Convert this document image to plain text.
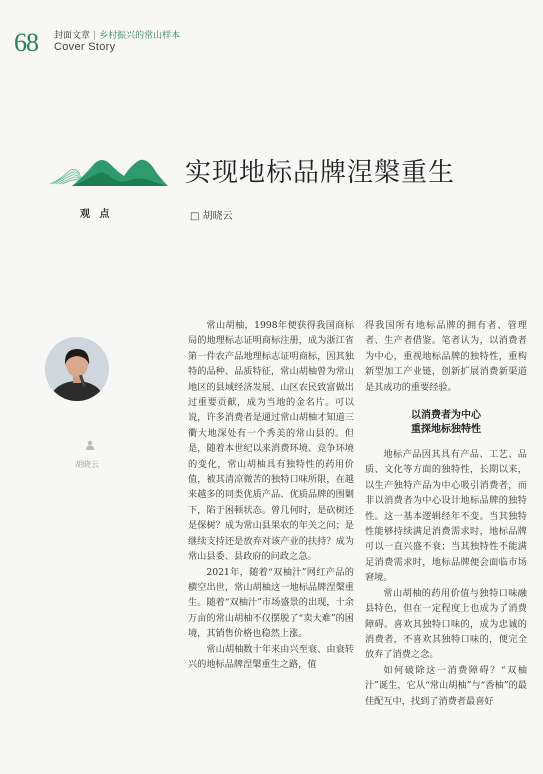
68 封面文章 | 乡村振兴的常山样本
Cover Story
观 点
实现地标品牌涅槃重生
□ 胡晓云
胡晓云

常山胡柚，1998年便获得我国商标局的地理标志证明商标注册，成为浙江省第一件农产品地理标志证明商标，因其独特的品种、品质特征，常山胡柚曾为常山地区的县域经济发展、山区农民致富做出过重要贡献，成为当地的金名片。可以说，许多消费者是通过常山胡柚才知道三衢大地深处有一个秀美的常山县的。但是，随着本世纪以来消费环境、竞争环境的变化，常山胡柚具有独特性的药用价值，被其清凉微苦的独特口味所限，在越来越多的同类优质产品、优质品牌的围剿下，陷于困顿状态。曾几何时，是砍树还是保树？成为常山县果农的年关之问；是继续支持还是放弃对该产业的扶持？成为常山县委、县政府的问政之急。

2021年，随着“双柚汁”网红产品的横空出世，常山胡柚这一地标品牌涅槃重生。随着“双柚汁”市场盛景的出现，十余万亩的常山胡柚不仅摆脱了“卖大难”的困境，其销售价格也稳然上涨。

常山胡柚数十年来由兴至衰、由衰转兴的地标品牌涅槃重生之路，值

得我国所有地标品牌的拥有者、管理者、生产者借鉴。笔者认为，以消费者为中心，重视地标品牌的独特性，重构新型加工产业链，创新扩展消费新渠道是其成功的重要经验。

以消费者为中心
重探地标独特性

地标产品因其具有产品、工艺、品质、文化等方面的独特性，长期以来，以生产独特产品为中心吸引消费者，而非以消费者为中心设计地标品牌的独特性。这一基本逻辑经年不变。当其独特性能够持续满足消费需求时，地标品牌可以一直兴盛不衰；当其独特性不能满足消费需求时，地标品牌便会面临市场窘境。

常山胡柚的药用价值与独特口味融县特色，但在一定程度上也成为了消费障碍。喜欢其独特口味的，成为忠诚的消费者，不喜欢其独特口味的，便完全放弃了消费之念。

如何破除这一消费障碍？“双柚汁”诞生，它从“常山胡柚”与“香柚”的最佳配互中，找到了消费者最喜好
